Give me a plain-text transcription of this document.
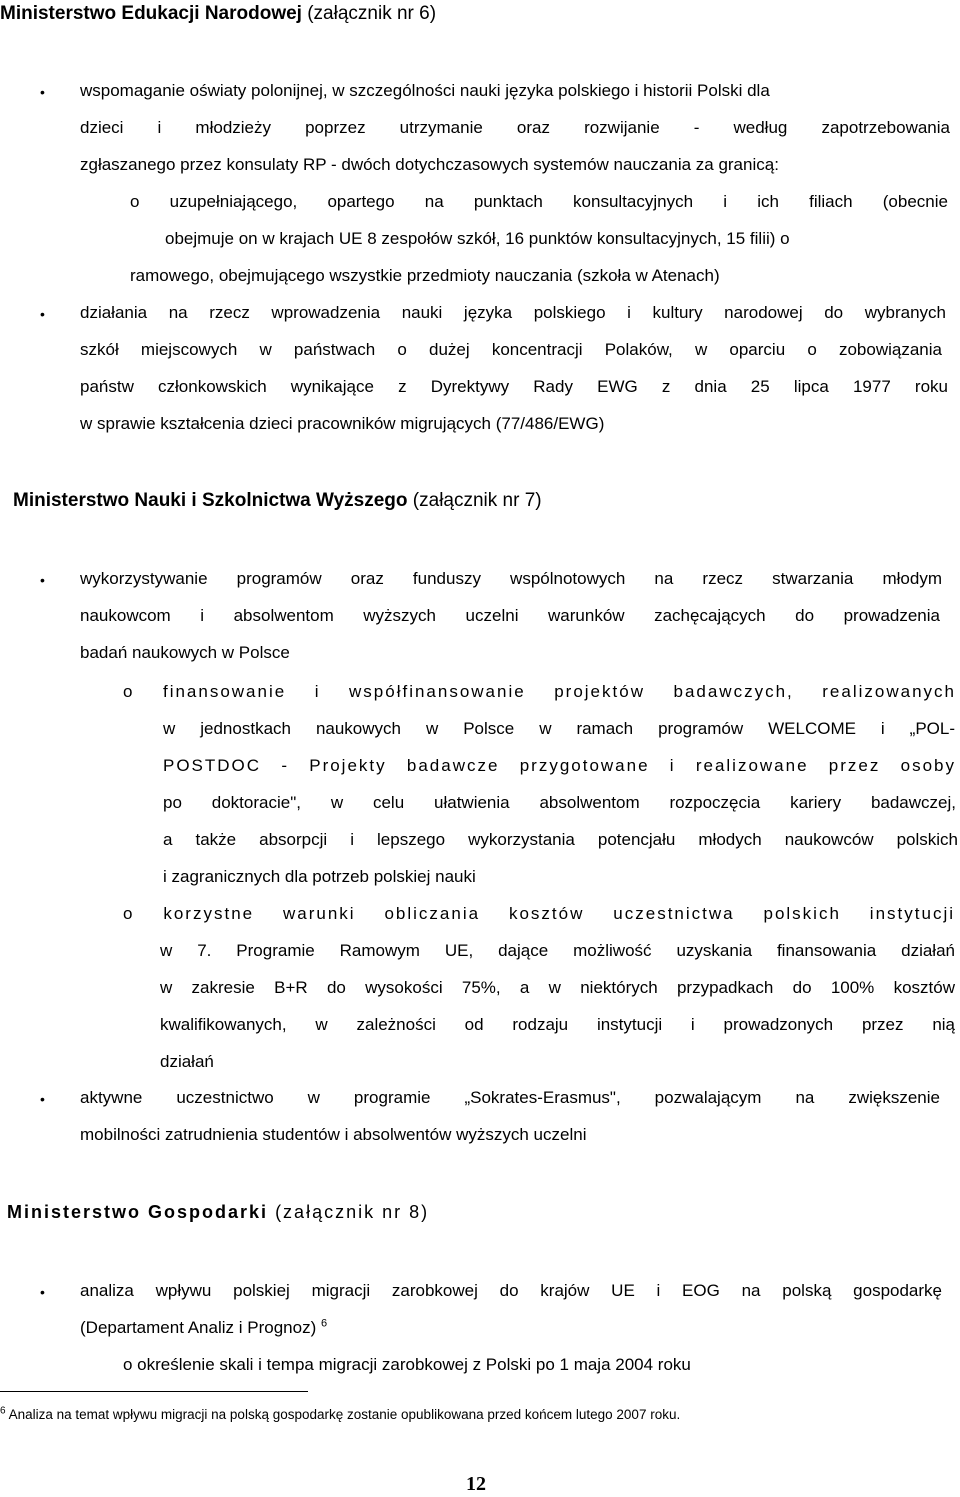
Ministerstwo Edukacji Narodowej (załącznik nr 6)
• wspomaganie oświaty polonijnej, w szczególności nauki języka polskiego i historii Polski dla
dzieci i młodzieży poprzez utrzymanie oraz rozwijanie - według zapotrzebowania
zgłaszanego przez konsulaty RP - dwóch dotychczasowych systemów nauczania za granicą:
o uzupełniającego, opartego na punktach konsultacyjnych i ich filiach (obecnie
obejmuje on w krajach UE 8 zespołów szkół, 16 punktów konsultacyjnych, 15 filii) o
ramowego, obejmującego wszystkie przedmioty nauczania (szkoła w Atenach)
• działania na rzecz wprowadzenia nauki języka polskiego i kultury narodowej do wybranych
szkół miejscowych w państwach o dużej koncentracji Polaków, w oparciu o zobowiązania
państw członkowskich wynikające z Dyrektywy Rady EWG z dnia 25 lipca 1977 roku
w sprawie kształcenia dzieci pracowników migrujących (77/486/EWG)
Ministerstwo Nauki i Szkolnictwa Wyższego (załącznik nr 7)
• wykorzystywanie programów oraz funduszy wspólnotowych na rzecz stwarzania młodym
naukowcom i absolwentom wyższych uczelni warunków zachęcających do prowadzenia
badań naukowych w Polsce
o finansowanie i współfinansowanie projektów badawczych, realizowanych
w jednostkach naukowych w Polsce w ramach programów WELCOME i „POL-
POSTDOC - Projekty badawcze przygotowane i realizowane przez osoby
po doktoracie", w celu ułatwienia absolwentom rozpoczęcia kariery badawczej,
a także absorpcji i lepszego wykorzystania potencjału młodych naukowców polskich
i zagranicznych dla potrzeb polskiej nauki
o korzystne warunki obliczania kosztów uczestnictwa polskich instytucji
w 7. Programie Ramowym UE, dające możliwość uzyskania finansowania działań
w zakresie B+R do wysokości 75%, a w niektórych przypadkach do 100% kosztów
kwalifikowanych, w zależności od rodzaju instytucji i prowadzonych przez nią
działań
• aktywne uczestnictwo w programie „Sokrates-Erasmus", pozwalającym na zwiększenie
mobilności zatrudnienia studentów i absolwentów wyższych uczelni
Ministerstwo Gospodarki (załącznik nr 8)
• analiza wpływu polskiej migracji zarobkowej do krajów UE i EOG na polską gospodarkę
(Departament Analiz i Prognoz) $^6$
o określenie skali i tempa migracji zarobkowej z Polski po 1 maja 2004 roku
$^6$ Analiza na temat wpływu migracji na polską gospodarkę zostanie opublikowana przed końcem lutego 2007 roku.
12
